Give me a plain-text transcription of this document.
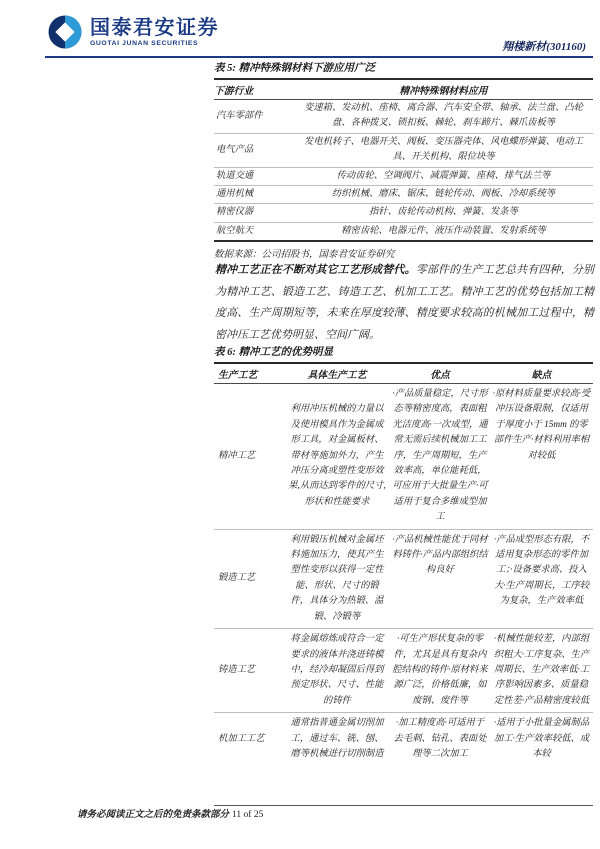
国泰君安证券
GUOTAI JUNAN SECURITIES	翔楼新材(301160)
表 5: 精冲特殊钢材料下游应用广泛
下游行业	精冲特殊钢材料应用
汽车零部件	变速箱、发动机、座椅、离合器、汽车安全带、轴承、法兰盘、凸轮盘、各种拨叉、锁扣板、棘轮、刹车蹄片、棘爪齿板等
电气产品	发电机转子、电器开关、阀板、变压器壳体、风电蝶形弹簧、电动工具、开关机构、限位块等
轨道交通	传动齿轮、空调阀片、减震弹簧、座椅、排气法兰等
通用机械	纺织机械、磨床、锯床、链轮传动、阀板、冷却系统等
精密仪器	指针、齿轮传动机构、弹簧、发条等
航空航天	精密齿轮、电器元件、液压作动装置、发射系统等
数据来源：公司招股书，国泰君安证券研究
精冲工艺正在不断对其它工艺形成替代。零部件的生产工艺总共有四种，分别为精冲工艺、锻造工艺、铸造工艺、机加工工艺。精冲工艺的优势包括加工精度高、生产周期短等，未来在厚度较薄、精度要求较高的机械加工过程中，精密冲压工艺优势明显、空间广阔。
表 6: 精冲工艺的优势明显
生产工艺	具体生产工艺	优点	缺点
精冲工艺	利用冲压机械的力量以及使用模具作为金属成形工具，对金属板材、带材等施加外力，产生冲压分离或塑性变形效果,从而达到零件的尺寸,形状和性能要求	·产品质量稳定，尺寸形态等精密度高，表面粗光洁度高·一次成型，通常无需后续机械加工工序，生产周期短，生产效率高，单位能耗低，可应用于大批量生产·可适用于复合多维成型加工	·原材料质量要求较高·受冲压设备限制，仅适用于厚度小于 15mm 的零部件生产·材料利用率相对较低
锻造工艺	利用锻压机械对金属坯料施加压力，使其产生塑性变形以获得一定性能、形状、尺寸的锻件，具体分为热锻、温锻、冷锻等	·产品机械性能优于同材料铸件·产品内部组织结构良好	·产品成型形态有限，不适用复杂形态的零件加工；·设备要求高、投入大·生产周期长，工序较为复杂，生产效率低
铸造工艺	将金属熔炼成符合一定要求的液体并浇进铸模中，经冷却凝固后得到预定形状、尺寸、性能的铸件	·可生产形状复杂的零件，尤其是具有复杂内腔结构的铸件·原材料来源广泛，价格低廉，如废钢、废件等	·机械性能较差，内部组织粗大·工序复杂、生产周期长、生产效率低·工序影响因素多、质量稳定性差·产品精密度较低
机加工工艺	通常指普通金属切削加工，通过车、铣、刨、磨等机械进行切削制造	·加工精度高·可适用于去毛刺、钻孔、表面处理等二次加工	·适用于小批量金属制品加工·生产效率较低、成本较
请务必阅读正文之后的免责条款部分 11 of 25
